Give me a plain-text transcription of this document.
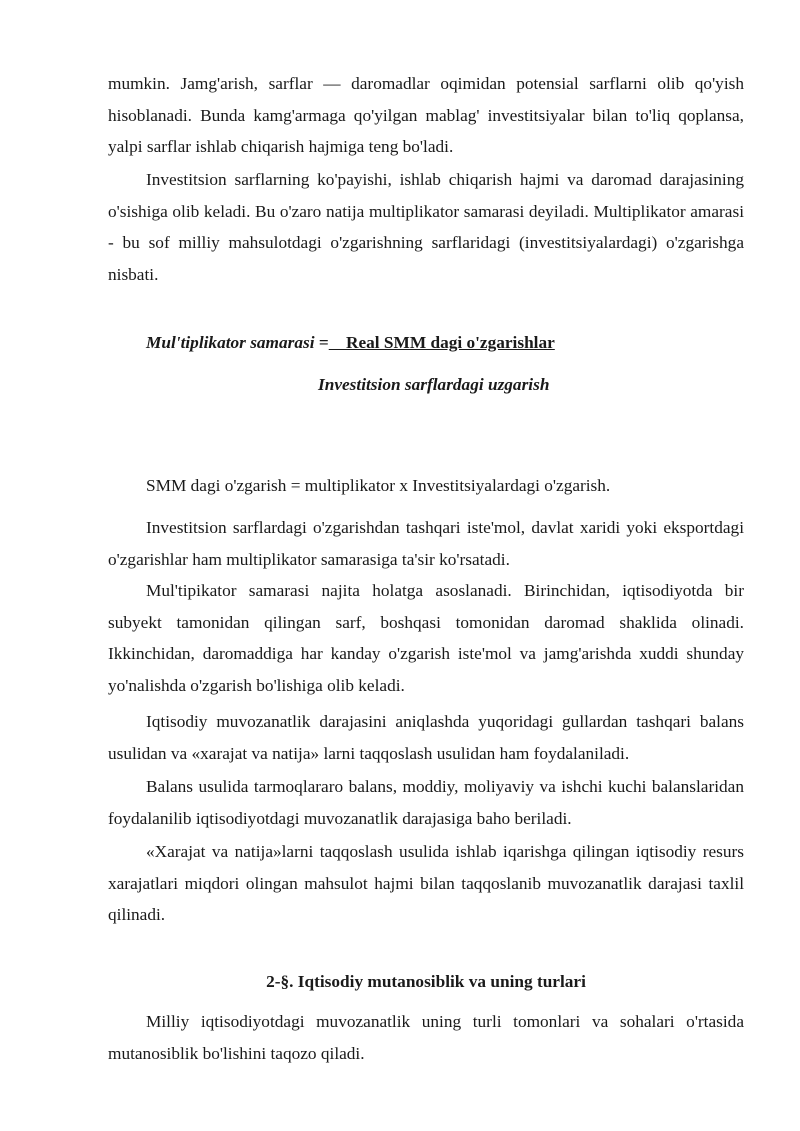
mumkin. Jamg'arish, sarflar — daromadlar oqimidan potensial sarflarni olib qo'yish hisoblanadi. Bunda kamg'armaga qo'yilgan mablag' investitsiyalar bilan to'liq qoplansa, yalpi sarflar ishlab chiqarish hajmiga teng bo'ladi.

Investitsion sarflarning ko'payishi, ishlab chiqarish hajmi va daromad darajasining o'sishiga olib keladi. Bu o'zaro natija multiplikator samarasi deyiladi. Multiplikator amarasi - bu sof milliy mahsulotdagi o'zgarishning sarflaridagi (investitsiyalardagi) o'zgarishga nisbati.

Mul'tiplikator samarasi =    Real SMM dagi o'zgarishlar
Investitsion sarflardagi uzgarish

SMM dagi o'zgarish = multiplikator x Investitsiyalardagi o'zgarish.

Investitsion sarflardagi o'zgarishdan tashqari iste'mol, davlat xaridi yoki eksportdagi o'zgarishlar ham multiplikator samarasiga ta'sir ko'rsatadi.

Mul'tipikator samarasi najita holatga asoslanadi. Birinchidan, iqtisodiyotda bir subyekt tamonidan qilingan sarf, boshqasi tomonidan daromad shaklida olinadi. Ikkinchidan, daromaddiga har kanday o'zgarish iste'mol va jamg'arishda xuddi shunday yo'nalishda o'zgarish bo'lishiga olib keladi.

Iqtisodiy muvozanatlik darajasini aniqlashda yuqoridagi gullardan tashqari balans usulidan va «xarajat va natija» larni taqqoslash usulidan ham foydalaniladi.

Balans usulida tarmoqlararo balans, moddiy, moliyaviy va ishchi kuchi balanslaridan foydalanilib iqtisodiyotdagi muvozanatlik darajasiga baho beriladi.

«Xarajat va natija»larni taqqoslash usulida ishlab iqarishga qilingan iqtisodiy resurs xarajatlari miqdori olingan mahsulot hajmi bilan taqqoslanib muvozanatlik darajasi taxlil qilinadi.

2-§. Iqtisodiy mutanosiblik va uning turlari

Milliy iqtisodiyotdagi muvozanatlik uning turli tomonlari va sohalari o'rtasida mutanosiblik bo'lishini taqozo qiladi.
